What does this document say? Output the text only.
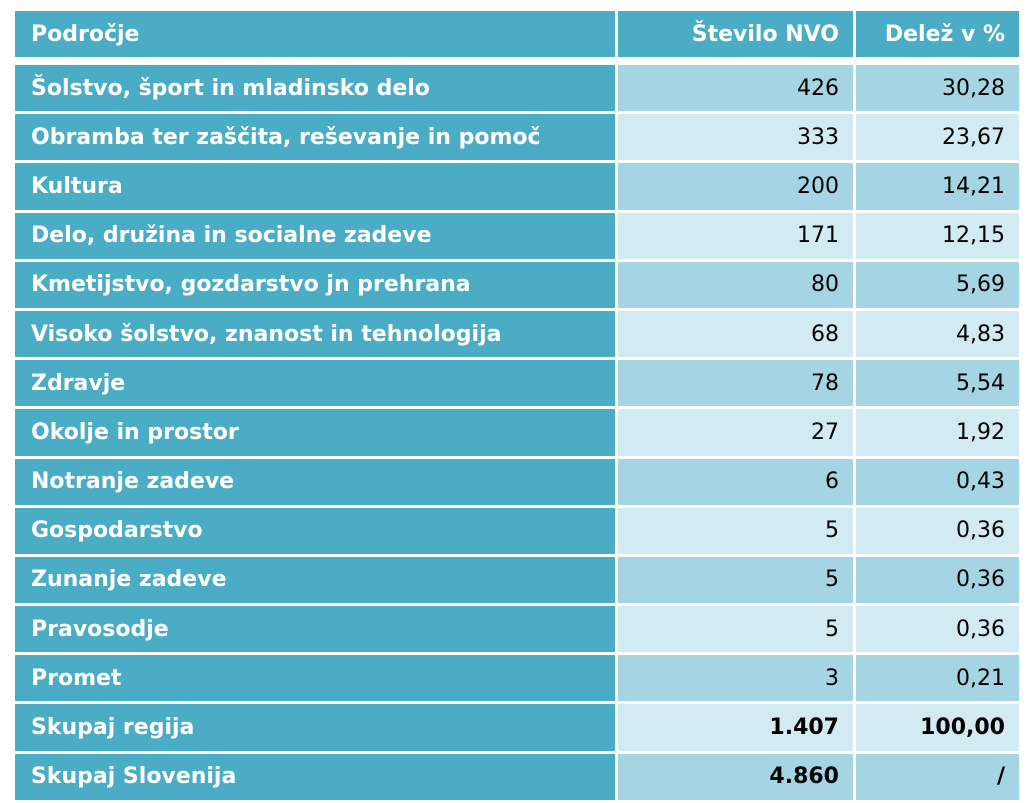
Področje	Število NVO	Delež v %
Šolstvo, šport in mladinsko delo	426	30,28
Obramba ter zaščita, reševanje in pomoč	333	23,67
Kultura	200	14,21
Delo, družina in socialne zadeve	171	12,15
Kmetijstvo, gozdarstvo jn prehrana	80	5,69
Visoko šolstvo, znanost in tehnologija	68	4,83
Zdravje	78	5,54
Okolje in prostor	27	1,92
Notranje zadeve	6	0,43
Gospodarstvo	5	0,36
Zunanje zadeve	5	0,36
Pravosodje	5	0,36
Promet	3	0,21
Skupaj regija	1.407	100,00
Skupaj Slovenija	4.860	/
